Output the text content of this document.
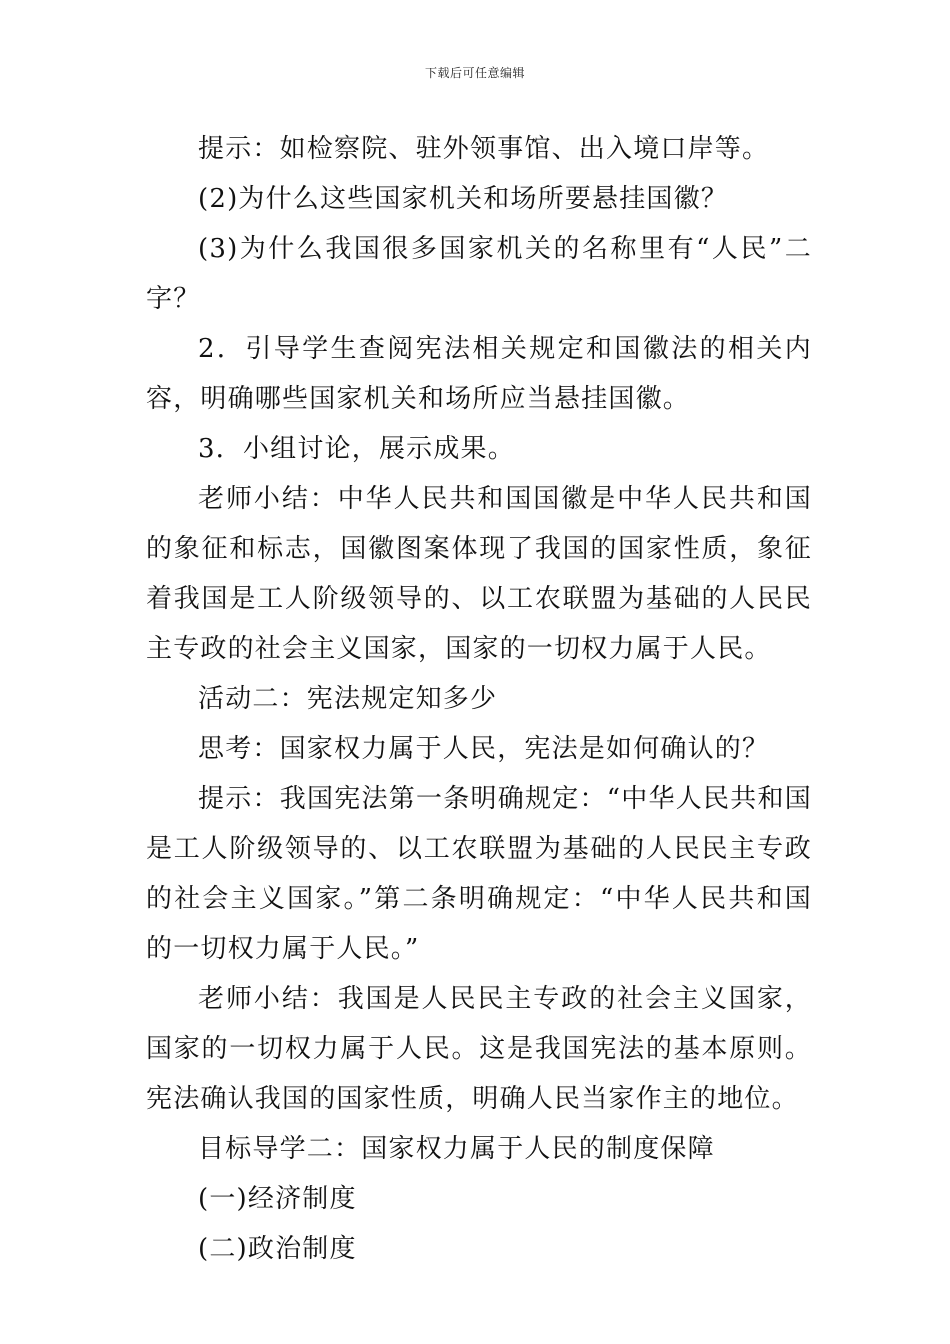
下载后可任意编辑

提示：如检察院、驻外领事馆、出入境口岸等。

(2)为什么这些国家机关和场所要悬挂国徽？

(3)为什么我国很多国家机关的名称里有“人民”二字？

2．引导学生查阅宪法相关规定和国徽法的相关内容，明确哪些国家机关和场所应当悬挂国徽。

3．小组讨论，展示成果。

老师小结：中华人民共和国国徽是中华人民共和国的象征和标志，国徽图案体现了我国的国家性质，象征着我国是工人阶级领导的、以工农联盟为基础的人民民主专政的社会主义国家，国家的一切权力属于人民。

活动二：宪法规定知多少

思考：国家权力属于人民，宪法是如何确认的？

提示：我国宪法第一条明确规定：“中华人民共和国是工人阶级领导的、以工农联盟为基础的人民民主专政的社会主义国家。”第二条明确规定：“中华人民共和国的一切权力属于人民。”

老师小结：我国是人民民主专政的社会主义国家，国家的一切权力属于人民。这是我国宪法的基本原则。宪法确认我国的国家性质，明确人民当家作主的地位。

目标导学二：国家权力属于人民的制度保障

(一)经济制度

(二)政治制度
